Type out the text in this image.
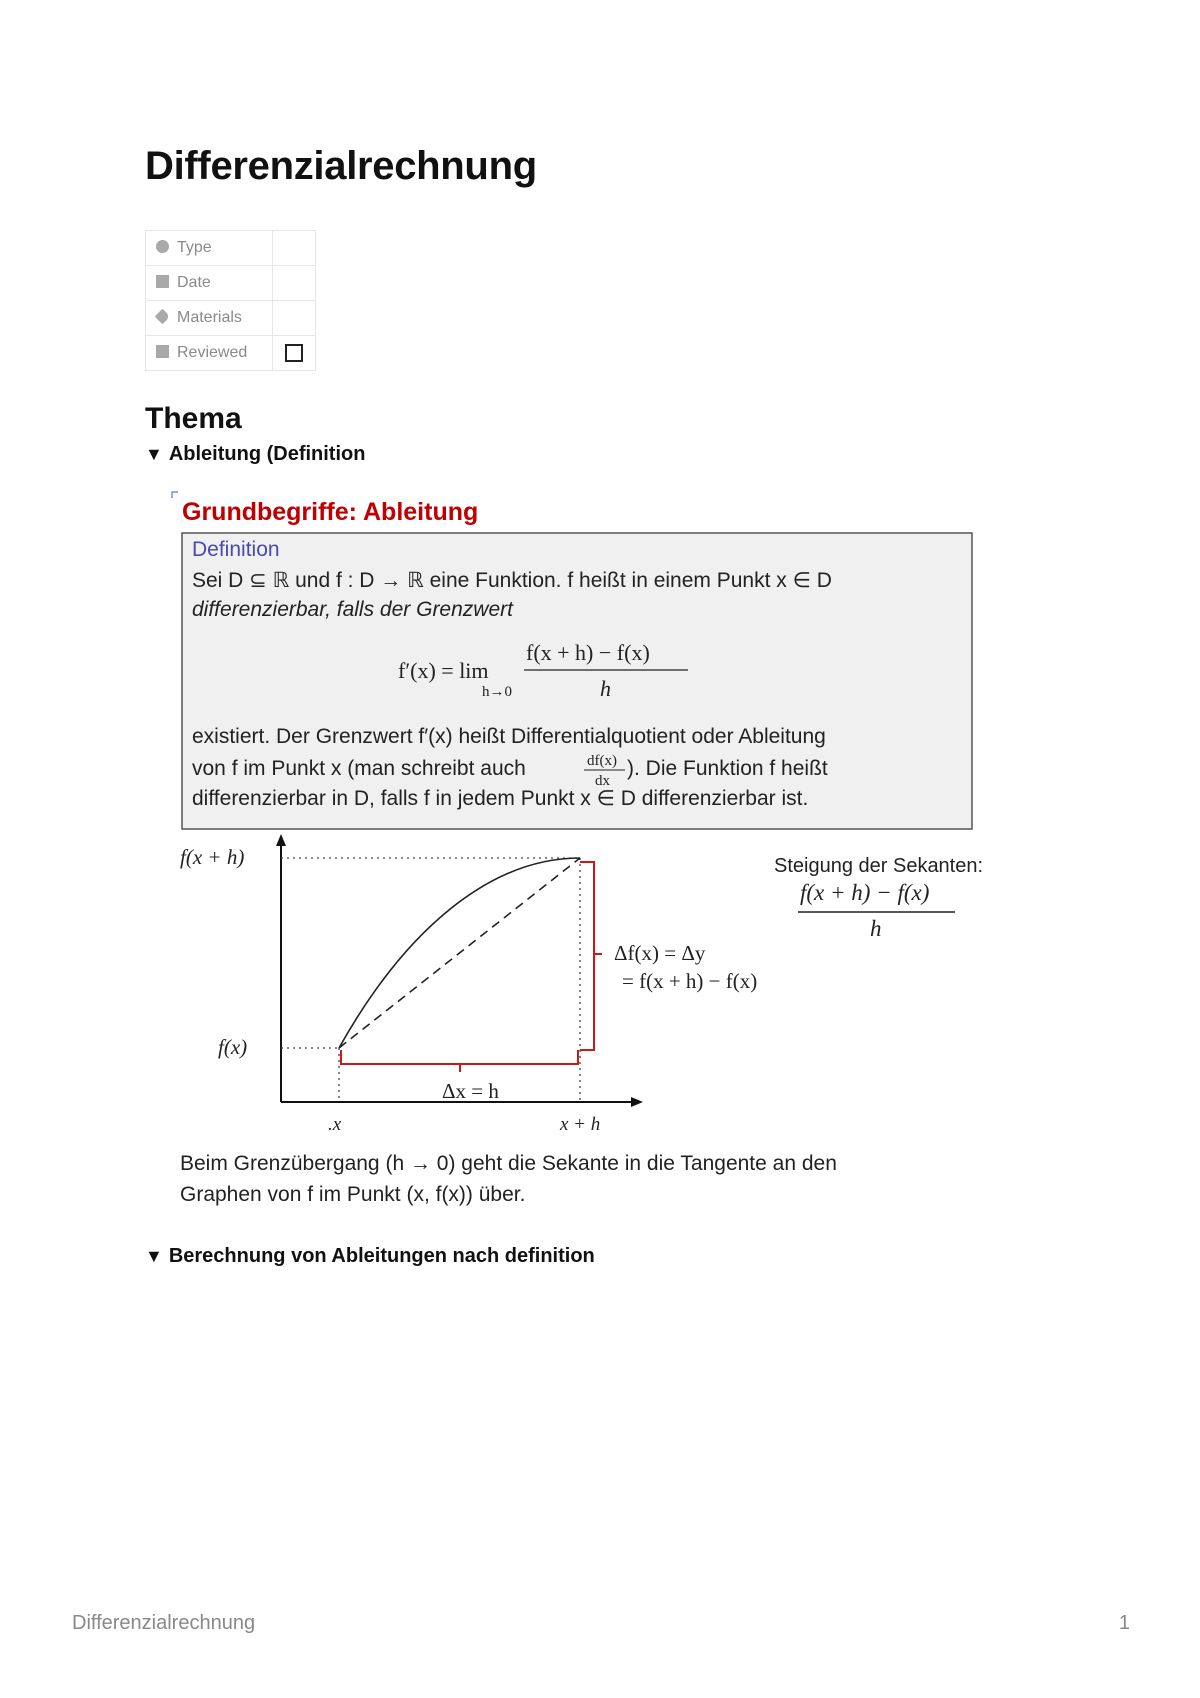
Differenzialrechnung
Type	
Date	
Materials	
Reviewed	
Thema
▼ Ableitung (Definition
Grundbegriffe: Ableitung
Definition
Sei D ⊆ ℝ und f : D → ℝ eine Funktion. f heißt in einem Punkt x ∈ D
differenzierbar, falls der Grenzwert
f′(x) = lim
h→0
f(x + h) − f(x)
h
existiert. Der Grenzwert f′(x) heißt Differentialquotient oder Ableitung
von f im Punkt x (man schreibt auch	df(x)
dx
). Die Funktion f heißt
differenzierbar in D, falls f in jedem Punkt x ∈ D differenzierbar ist.
f(x + h)
f(x)
.x	x + h
Δx = h
Δf(x) = Δy
= f(x + h) − f(x)
Steigung der Sekanten:
f(x + h) − f(x)
h
Beim Grenzübergang (h → 0) geht die Sekante in die Tangente an den
Graphen von f im Punkt (x, f(x)) über.
▼ Berechnung von Ableitungen nach definition
Differenzialrechnung	1
